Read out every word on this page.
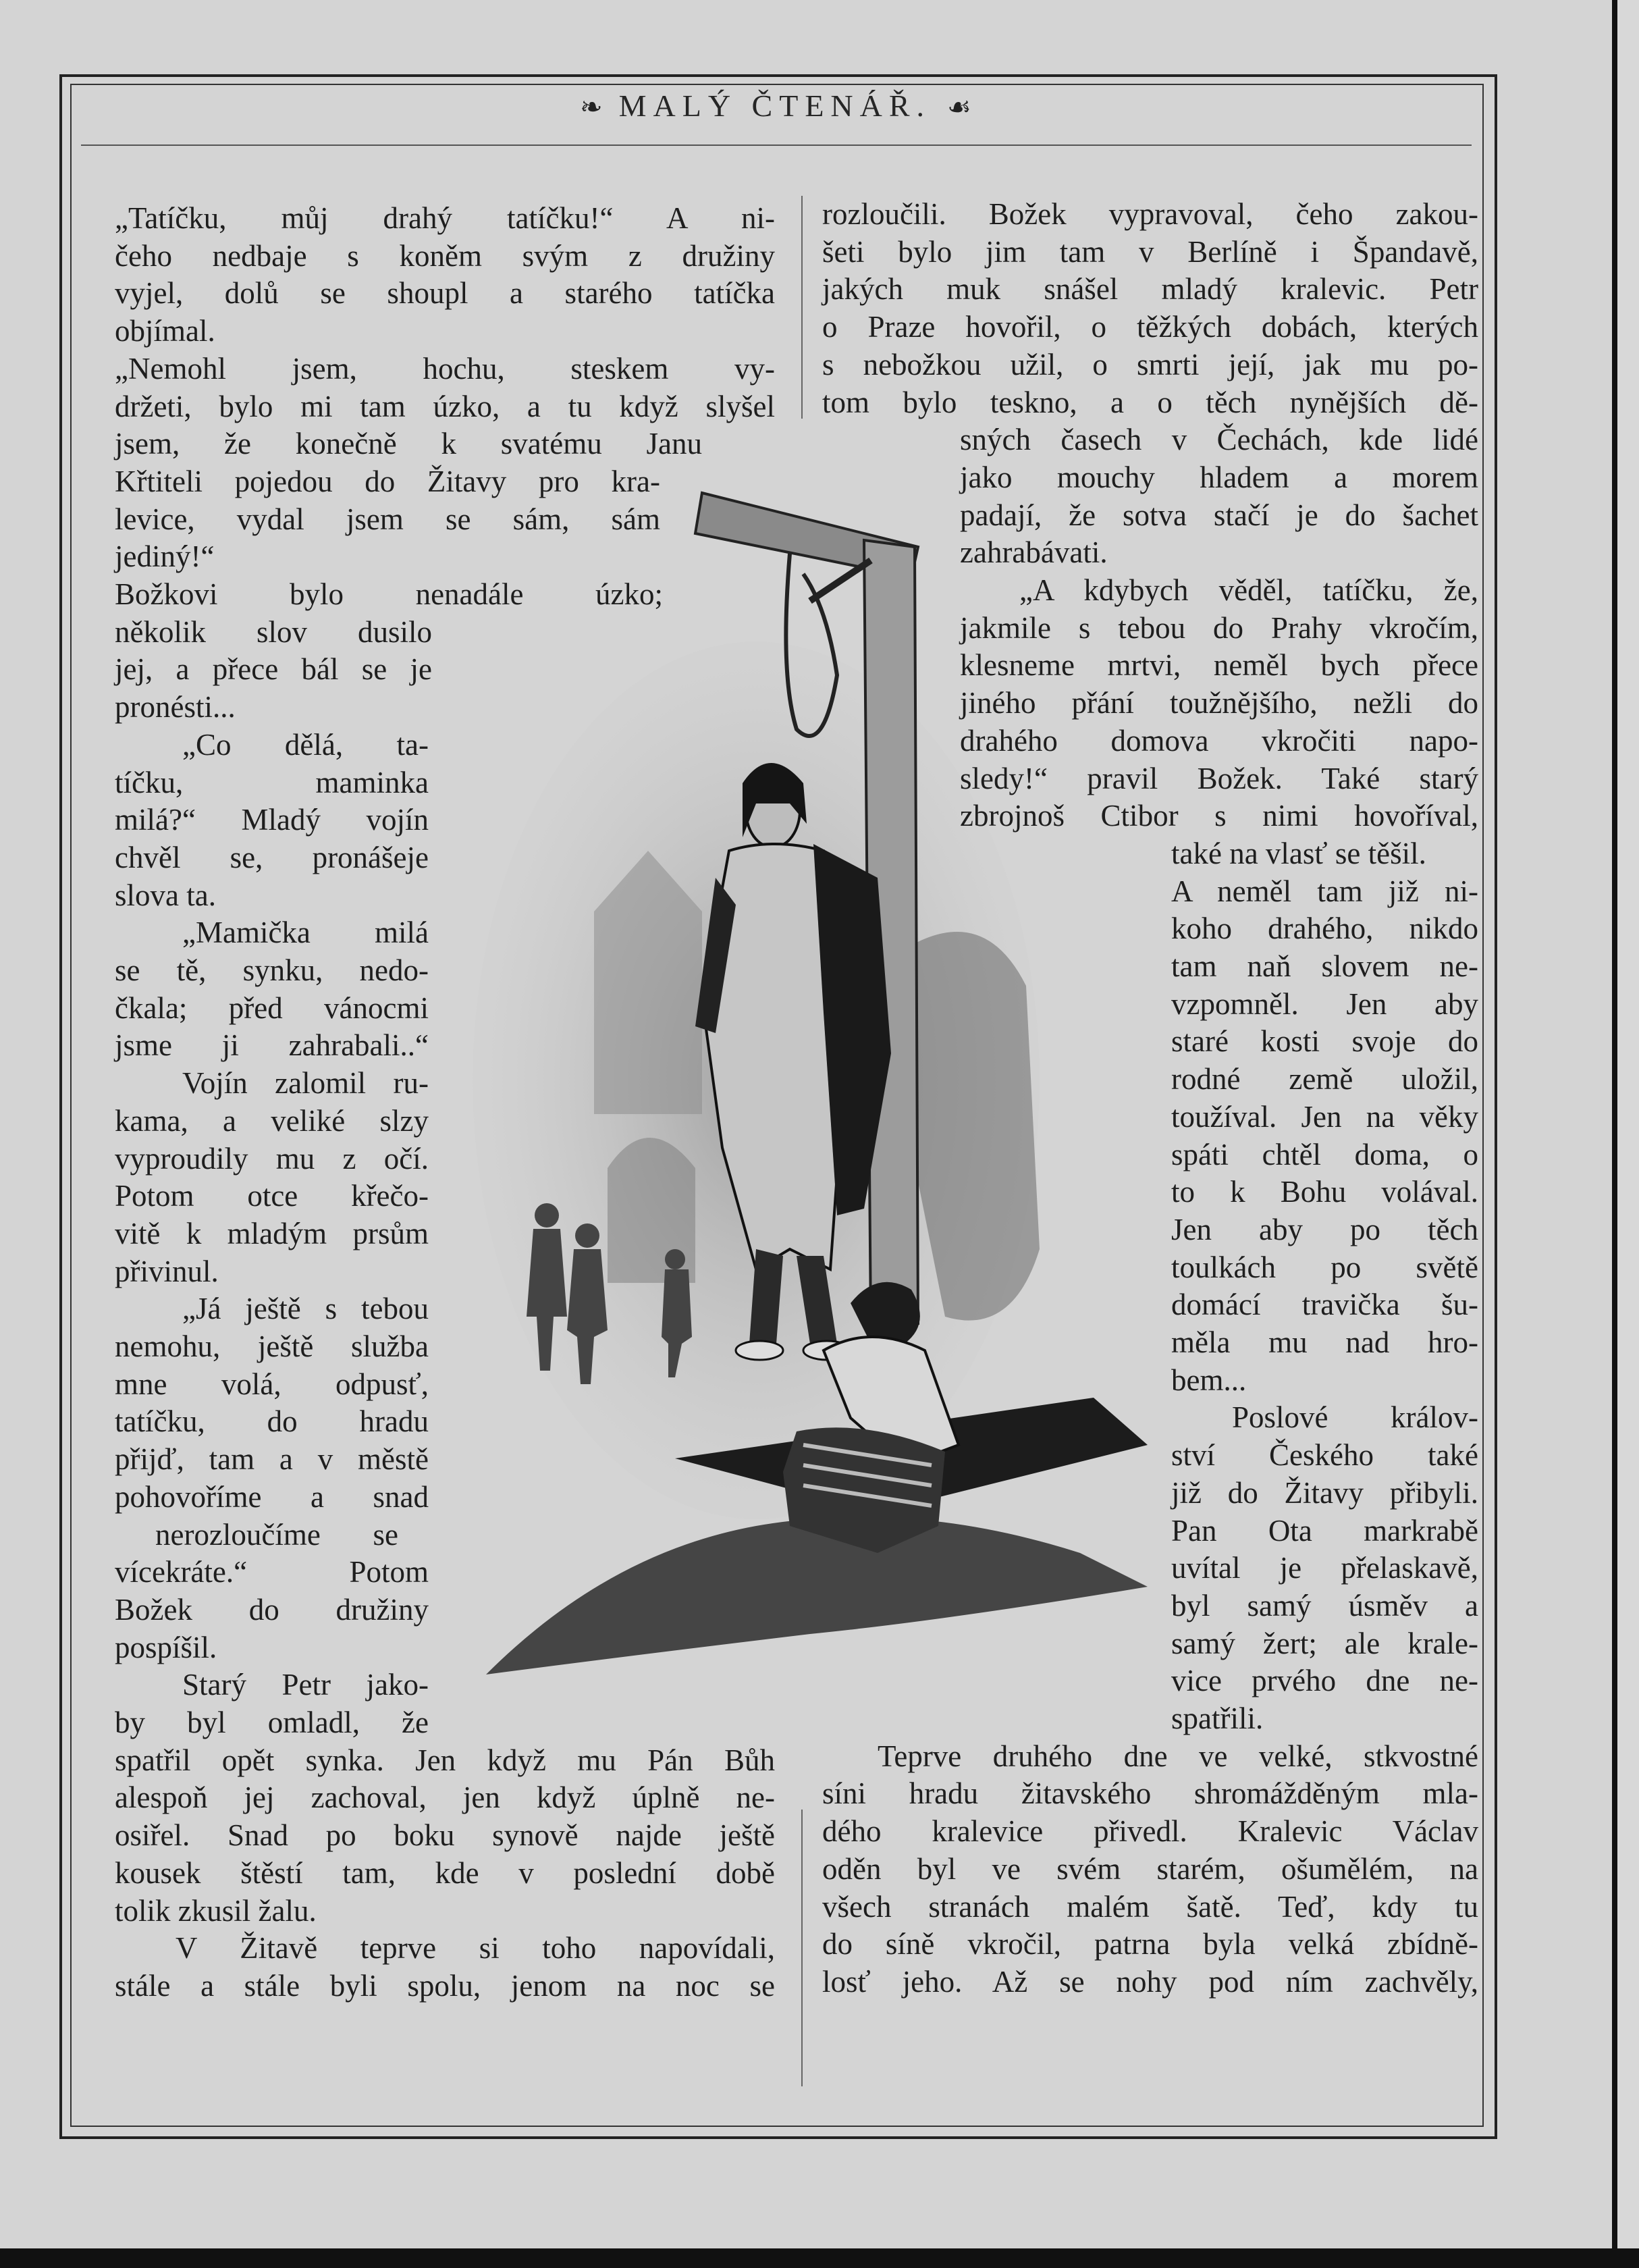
❧ MALÝ ČTENÁŘ. ☙
„Tatíčku, můj drahý tatíčku!“ A ni-
čeho nedbaje s koněm svým z družiny
vyjel, dolů se shoupl a starého tatíčka
objímal.
„Nemohl jsem, hochu, steskem vy-
držeti, bylo mi tam úzko, a tu když slyšel
jsem, že konečně k svatému Janu
Křtiteli pojedou do Žitavy pro kra-
levice, vydal jsem se sám, sám
jediný!“
Božkovi bylo nenadále úzko;
několik slov dusilo
jej, a přece bál se je
pronésti...
„Co dělá, ta-
tíčku, maminka
milá?“ Mladý vojín
chvěl se, pronášeje
slova ta.
„Mamička milá
se tě, synku, nedo-
čkala; před vánocmi
jsme ji zahrabali..“
Vojín zalomil ru-
kama, a veliké slzy
vyproudily mu z očí.
Potom otce křečo-
vitě k mladým prsům
přivinul.
„Já ještě s tebou
nemohu, ještě služba
mne volá, odpusť,
tatíčku, do hradu
přijď, tam a v městě
pohovoříme a snad
nerozloučíme se
vícekráte.“ Potom
Božek do družiny
pospíšil.
Starý Petr jako-
by byl omladl, že
spatřil opět synka. Jen když mu Pán Bůh
alespoň jej zachoval, jen když úplně ne-
osiřel. Snad po boku synově najde ještě
kousek štěstí tam, kde v poslední době
tolik zkusil žalu.
V Žitavě teprve si toho napovídali,
stále a stále byli spolu, jenom na noc se
rozloučili. Božek vypravoval, čeho zakou-
šeti bylo jim tam v Berlíně i Špandavě,
jakých muk snášel mladý kralevic. Petr
o Praze hovořil, o těžkých dobách, kterých
s nebožkou užil, o smrti její, jak mu po-
tom bylo teskno, a o těch nynějších dě-
sných časech v Čechách, kde lidé
jako mouchy hladem a morem
padají, že sotva stačí je do šachet
zahrabávati.
„A kdybych věděl, tatíčku, že,
jakmile s tebou do Prahy vkročím,
klesneme mrtvi, neměl bych přece
jiného přání toužnějšího, nežli do
drahého domova vkročiti napo-
sledy!“ pravil Božek. Také starý
zbrojnoš Ctibor s nimi hovoříval,
také na vlasť se těšil.
A neměl tam již ni-
koho drahého, nikdo
tam naň slovem ne-
vzpomněl. Jen aby
staré kosti svoje do
rodné země uložil,
toužíval. Jen na věky
spáti chtěl doma, o
to k Bohu volával.
Jen aby po těch
toulkách po světě
domácí travička šu-
měla mu nad hro-
bem...
Poslové králov-
ství Českého také
již do Žitavy přibyli.
Pan Ota markrabě
uvítal je přelaskavě,
byl samý úsměv a
samý žert; ale krale-
vice prvého dne ne-
spatřili.
Teprve druhého dne ve velké, stkvostné
síni hradu žitavského shromážděným mla-
dého kralevice přivedl. Kralevic Václav
oděn byl ve svém starém, ošumělém, na
všech stranách malém šatě. Teď, kdy tu
do síně vkročil, patrna byla velká zbídně-
losť jeho. Až se nohy pod ním zachvěly,
